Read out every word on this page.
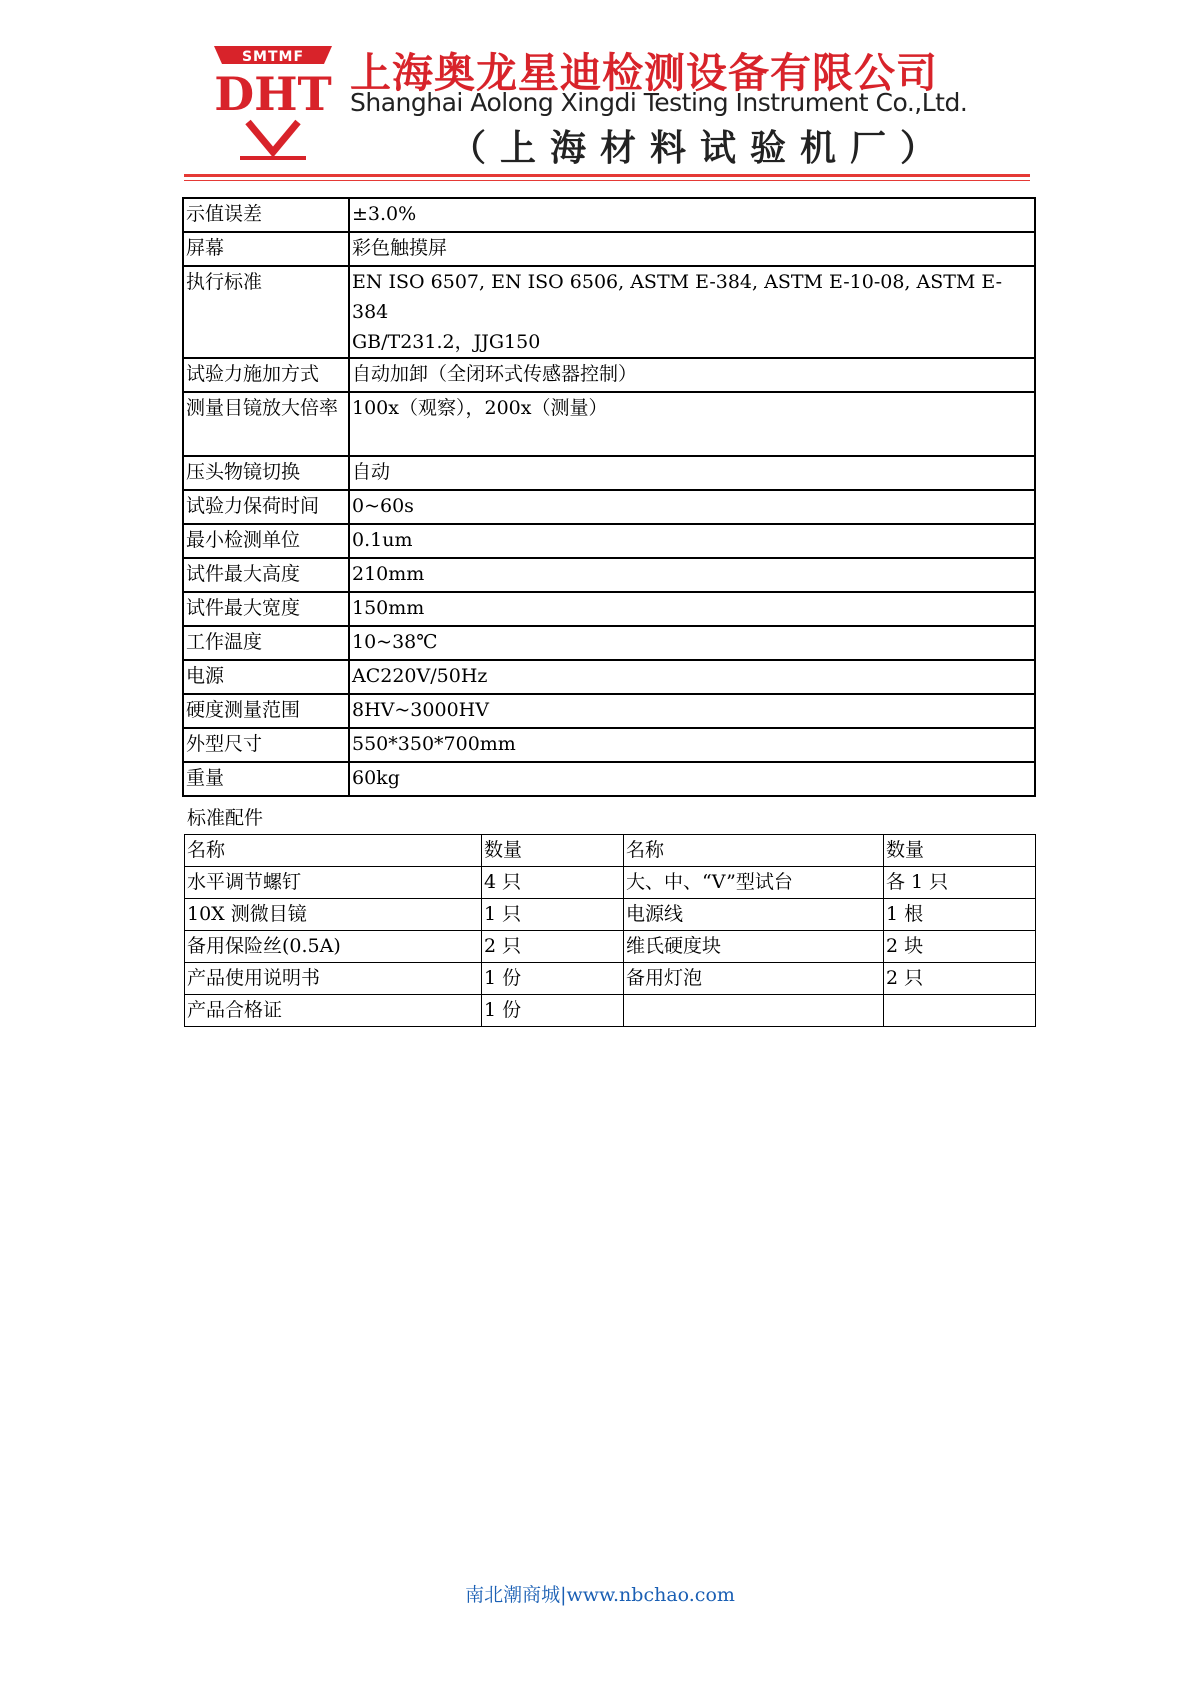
SMTMF
DHT 上海奥龙星迪检测设备有限公司
Shanghai Aolong Xingdi Testing Instrument Co.,Ltd.
（上海材料试验机厂）
示值误差	±3.0%
屏幕	彩色触摸屏
执行标准	EN ISO 6507, EN ISO 6506, ASTM E-384, ASTM E-10-08, ASTM E-384
GB/T231.2，JJG150
试验力施加方式	自动加卸（全闭环式传感器控制）
测量目镜放大倍率	100x（观察），200x（测量）
压头物镜切换	自动
试验力保荷时间	0~60s
最小检测单位	0.1um
试件最大高度	210mm
试件最大宽度	150mm
工作温度	10~38℃
电源	AC220V/50Hz
硬度测量范围	8HV~3000HV
外型尺寸	550*350*700mm
重量	60kg
标准配件
名称	数量	名称	数量
水平调节螺钉	4 只	大、中、“V”型试台	各 1 只
10X 测微目镜	1 只	电源线	1 根
备用保险丝(0.5A)	2 只	维氏硬度块	2 块
产品使用说明书	1 份	备用灯泡	2 只
产品合格证	1 份		
南北潮商城|www.nbchao.com
